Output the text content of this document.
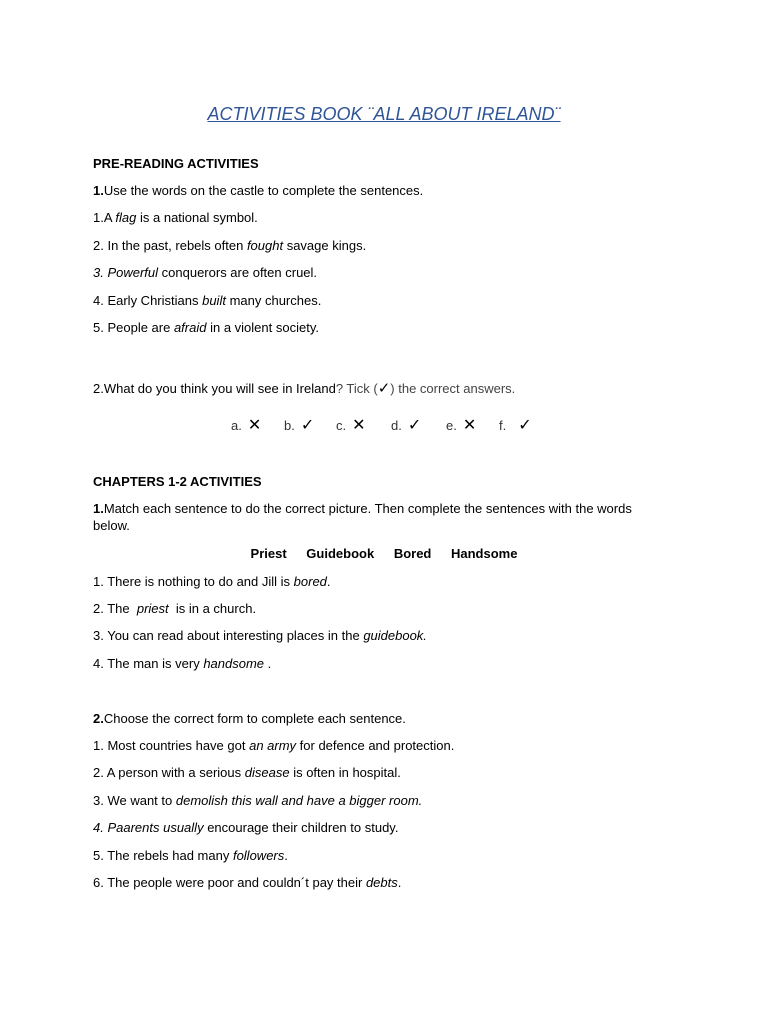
ACTIVITIES BOOK ¨ALL ABOUT IRELAND¨
PRE-READING ACTIVITIES
1.Use the words on the castle to complete the sentences.
1.A flag is a national symbol.
2. In the past, rebels often fought savage kings.
3. Powerful conquerors are often cruel.
4. Early Christians built many churches.
5. People are afraid in a violent society.
2.What do you think you will see in Ireland? Tick (✓) the correct answers.
a. ✕ b. ✓ c. ✕ d. ✓ e. ✕ f. ✓
CHAPTERS 1-2 ACTIVITIES
1.Match each sentence to do the correct picture. Then complete the sentences with the words below.
Priest Guidebook Bored Handsome
1. There is nothing to do and Jill is bored.
2. The  priest  is in a church.
3. You can read about interesting places in the guidebook.
4. The man is very handsome .
2.Choose the correct form to complete each sentence.
1. Most countries have got an army for defence and protection.
2. A person with a serious disease is often in hospital.
3. We want to demolish this wall and have a bigger room.
4. Paarents usually encourage their children to study.
5. The rebels had many followers.
6. The people were poor and couldn´t pay their debts.
